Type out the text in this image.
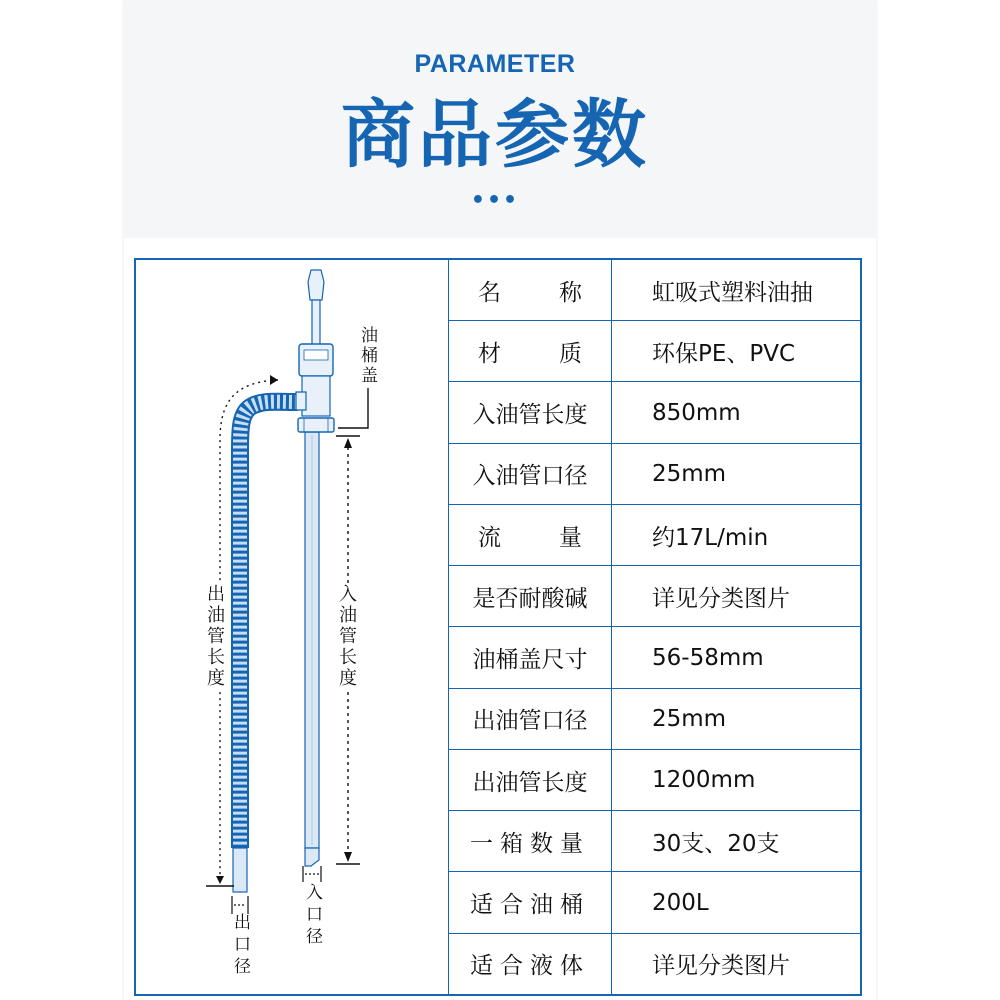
PARAMETER
商品参数
•••
油桶盖
出油管长度
入油管长度
出口径
入口径
名称	虹吸式塑料油抽
材质	环保PE、PVC
入油管长度	850mm
入油管口径	25mm
流量	约17L/min
是否耐酸碱	详见分类图片
油桶盖尺寸	56-58mm
出油管口径	25mm
出油管长度	1200mm
一箱数量	30支、20支
适合油桶	200L
适合液体	详见分类图片
